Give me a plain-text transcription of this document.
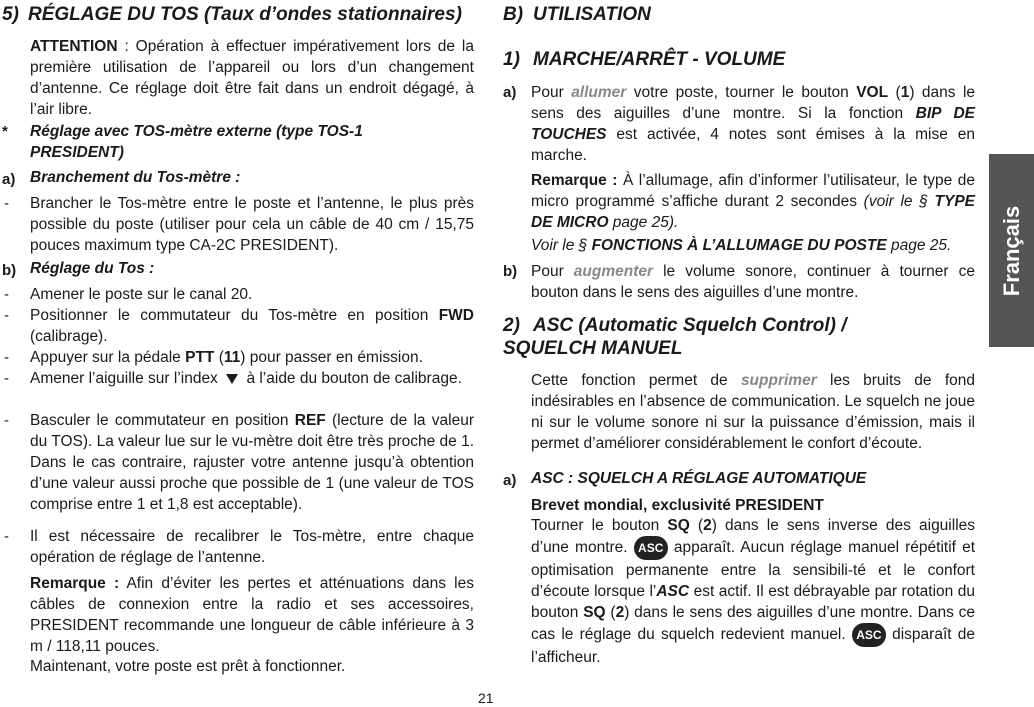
5) RÉGLAGE DU TOS (Taux d’ondes stationnaires)

ATTENTION : Opération à effectuer impérativement lors de la première utilisation de l’appareil ou lors d’un changement d’antenne. Ce réglage doit être fait dans un endroit dégagé, à l’air libre.

* Réglage avec TOS-mètre externe (type TOS-1 PRESIDENT)
a) Branchement du Tos-mètre :
- Brancher le Tos-mètre entre le poste et l’antenne, le plus près possible du poste (utiliser pour cela un câble de 40 cm / 15,75 pouces maximum type CA-2C PRESIDENT).

b) Réglage du Tos :
- Amener le poste sur le canal 20.

- Positionner le commutateur du Tos-mètre en position FWD (calibrage).

- Appuyer sur la pédale PTT (11) pour passer en émission.

- Amener l’aiguille sur l’index à l’aide du bouton de calibrage.

- Basculer le commutateur en position REF (lecture de la valeur du TOS). La valeur lue sur le vu-mètre doit être très proche de 1. Dans le cas contraire, rajuster votre antenne jusqu’à obtention d’une valeur aussi proche que possible de 1 (une valeur de TOS comprise entre 1 et 1,8 est acceptable).

- Il est nécessaire de recalibrer le Tos-mètre, entre chaque opération de réglage de l’antenne.

Remarque : Afin d’éviter les pertes et atténuations dans les câbles de connexion entre la radio et ses accessoires, PRESIDENT recommande une longueur de câble inférieure à 3 m / 118,11 pouces.

Maintenant, votre poste est prêt à fonctionner.

B) UTILISATION
1) MARCHE/ARRÊT - VOLUME
a) Pour allumer votre poste, tourner le bouton VOL (1) dans le sens des aiguilles d’une montre. Si la fonction BIP DE TOUCHES est activée, 4 notes sont émises à la mise en marche.

Remarque : À l’allumage, afin d’informer l’utilisateur, le type de micro programmé s’affiche durant 2 secondes (voir le § TYPE DE MICRO page 25).

Voir le § FONCTIONS À L’ALLUMAGE DU POSTE page 25.

b) Pour augmenter le volume sonore, continuer à tourner ce bouton dans le sens des aiguilles d’une montre.

2) ASC (Automatic Squelch Control) / SQUELCH MANUEL

Cette fonction permet de supprimer les bruits de fond indésirables en l’absence de communication. Le squelch ne joue ni sur le volume sonore ni sur la puissance d’émission, mais il permet d’améliorer considérablement le confort d’écoute.

a) ASC : SQUELCH A RÉGLAGE AUTOMATIQUE
Brevet mondial, exclusivité PRESIDENT

Tourner le bouton SQ (2) dans le sens inverse des aiguilles d’une montre. ASC apparaît. Aucun réglage manuel répétitif et optimisation permanente entre la sensibili-té et le confort d’écoute lorsque l’ASC est actif. Il est débrayable par rotation du bouton SQ (2) dans le sens des aiguilles d’une montre. Dans ce cas le réglage du squelch redevient manuel. ASC disparaît de l’afficheur.

Français
21
